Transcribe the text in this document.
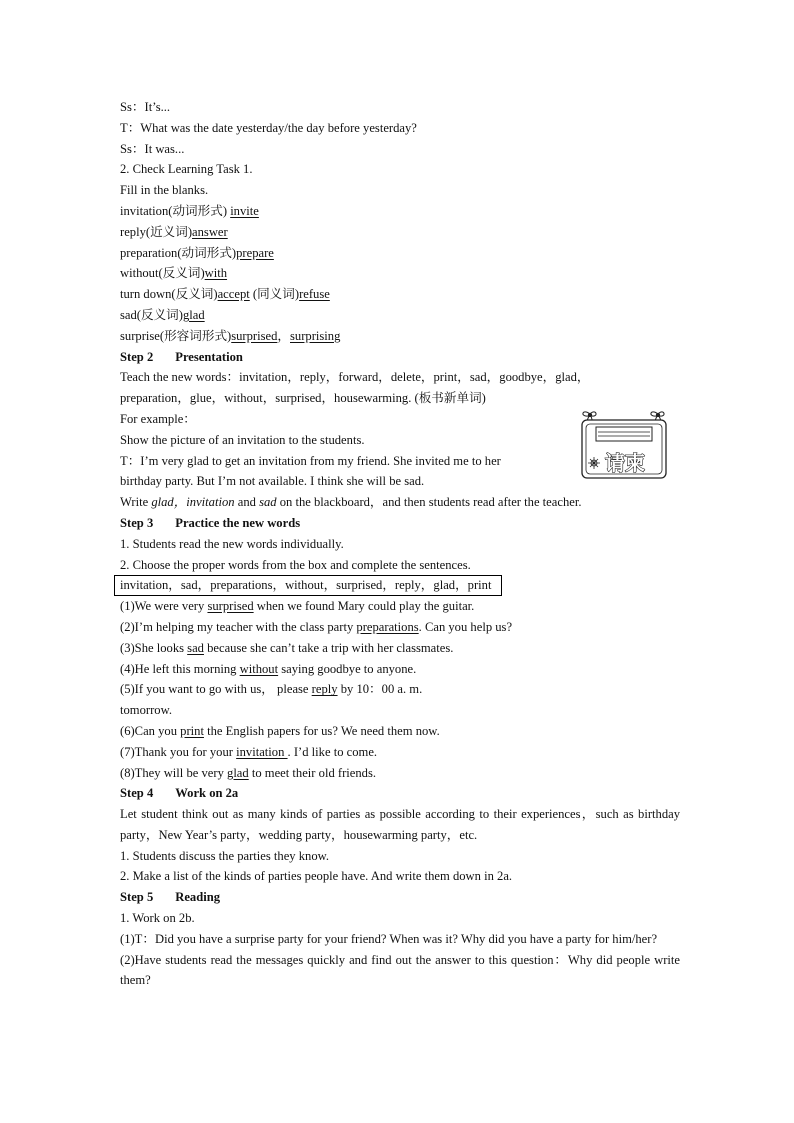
Ss：It’s...
T：What was the date yesterday/the day before yesterday?
Ss：It was...
2. Check Learning Task 1.
Fill in the blanks.
invitation(动词形式) invite
reply(近义词)answer
preparation(动词形式)prepare
without(反义词)with
turn down(反义词)accept (同义词)refuse
sad(反义词)glad
surprise(形容词形式)surprised，surprising
Step 2 Presentation
Teach the new words：invitation，reply，forward，delete，print，sad，goodbye，glad，
preparation，glue，without，surprised，housewarming. (板书新单词)
For example：
Show the picture of an invitation to the students.
T：I’m very glad to get an invitation from my friend. She invited me to her
birthday party. But I’m not available. I think she will be sad.
Write glad，invitation and sad on the blackboard，and then students read after the teacher.
Step 3 Practice the new words
1. Students read the new words individually.
2. Choose the proper words from the box and complete the sentences.
invitation，sad，preparations，without，surprised，reply，glad，print
(1)We were very surprised when we found Mary could play the guitar.
(2)I’m helping my teacher with the class party preparations. Can you help us?
(3)She looks sad because she can’t take a trip with her classmates.
(4)He left this morning without saying goodbye to anyone.
(5)If you want to go with us， please reply by 10：00 a. m.
tomorrow.
(6)Can you print the English papers for us? We need them now.
(7)Thank you for your invitation . I’d like to come.
(8)They will be very glad to meet their old friends.
Step 4 Work on 2a
Let student think out as many kinds of parties as possible according to their experiences，such as birthday party，New Year’s party，wedding party，housewarming party，etc.
1. Students discuss the parties they know.
2. Make a list of the kinds of parties people have. And write them down in 2a.
Step 5 Reading
1. Work on 2b.
(1)T：Did you have a surprise party for your friend? When was it? Why did you have a party for him/her?
(2)Have students read the messages quickly and find out the answer to this question：Why did people write them?
请柬
